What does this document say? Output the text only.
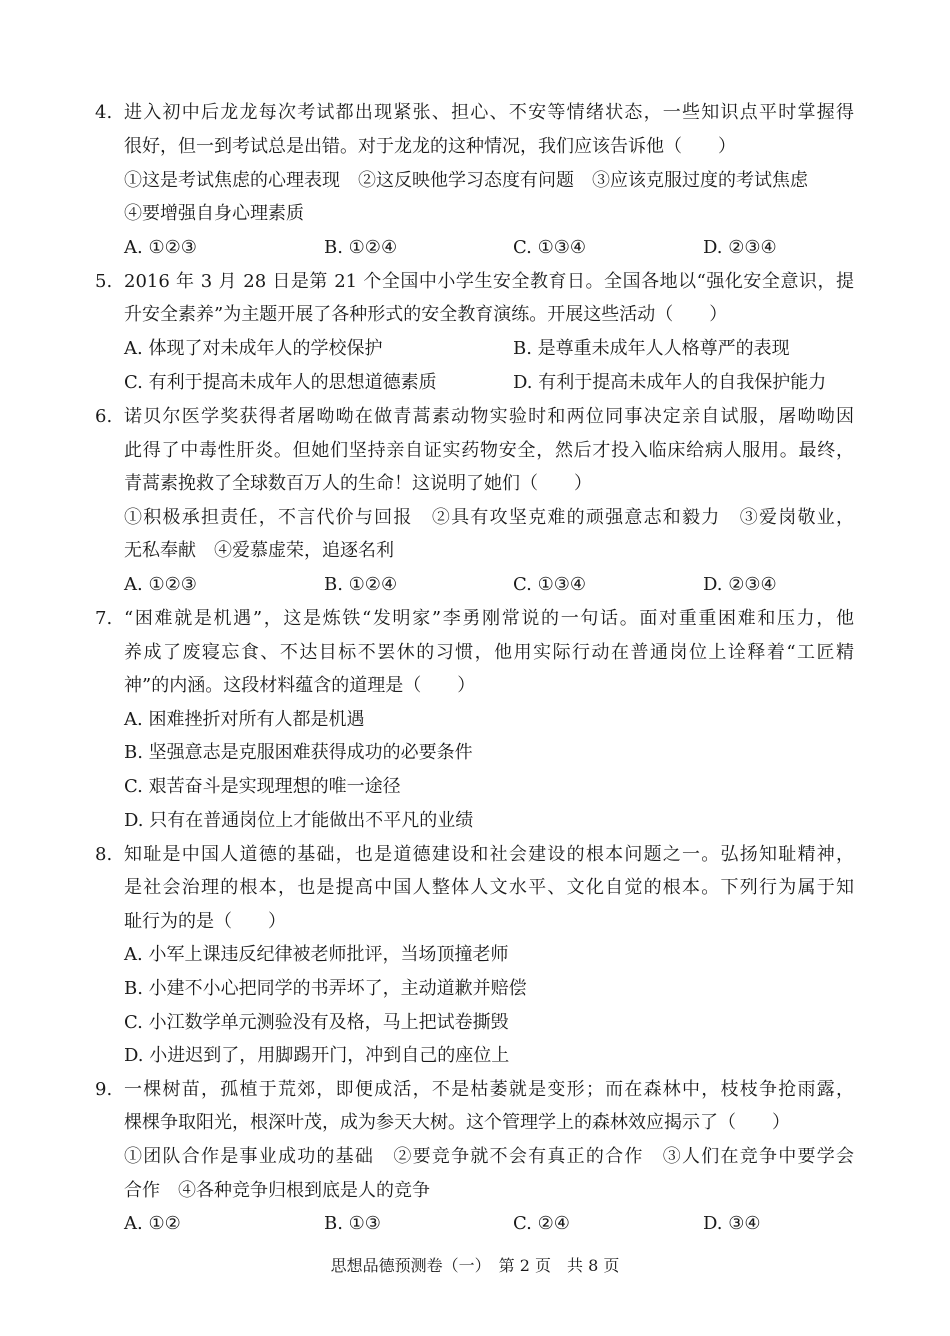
4. 进入初中后龙龙每次考试都出现紧张、担心、不安等情绪状态，一些知识点平时掌握得
很好，但一到考试总是出错。对于龙龙的这种情况，我们应该告诉他（　　）
①这是考试焦虑的心理表现　②这反映他学习态度有问题　③应该克服过度的考试焦虑
④要增强自身心理素质
A. ①②③	B. ①②④	C. ①③④	D. ②③④
5. 2016 年 3 月 28 日是第 21 个全国中小学生安全教育日。全国各地以“强化安全意识，提
升安全素养”为主题开展了各种形式的安全教育演练。开展这些活动（　　）
A. 体现了对未成年人的学校保护	B. 是尊重未成年人人格尊严的表现
C. 有利于提高未成年人的思想道德素质	D. 有利于提高未成年人的自我保护能力
6. 诺贝尔医学奖获得者屠呦呦在做青蒿素动物实验时和两位同事决定亲自试服，屠呦呦因
此得了中毒性肝炎。但她们坚持亲自证实药物安全，然后才投入临床给病人服用。最终，
青蒿素挽救了全球数百万人的生命！这说明了她们（　　）
①积极承担责任，不言代价与回报　②具有攻坚克难的顽强意志和毅力　③爱岗敬业，
无私奉献　④爱慕虚荣，追逐名利
A. ①②③	B. ①②④	C. ①③④	D. ②③④
7. “困难就是机遇”，这是炼铁“发明家”李勇刚常说的一句话。面对重重困难和压力，他
养成了废寝忘食、不达目标不罢休的习惯，他用实际行动在普通岗位上诠释着“工匠精
神”的内涵。这段材料蕴含的道理是（　　）
A. 困难挫折对所有人都是机遇
B. 坚强意志是克服困难获得成功的必要条件
C. 艰苦奋斗是实现理想的唯一途径
D. 只有在普通岗位上才能做出不平凡的业绩
8. 知耻是中国人道德的基础，也是道德建设和社会建设的根本问题之一。弘扬知耻精神，
是社会治理的根本，也是提高中国人整体人文水平、文化自觉的根本。下列行为属于知
耻行为的是（　　）
A. 小军上课违反纪律被老师批评，当场顶撞老师
B. 小建不小心把同学的书弄坏了，主动道歉并赔偿
C. 小江数学单元测验没有及格，马上把试卷撕毁
D. 小进迟到了，用脚踢开门，冲到自己的座位上
9. 一棵树苗，孤植于荒郊，即便成活，不是枯萎就是变形；而在森林中，枝枝争抢雨露，
棵棵争取阳光，根深叶茂，成为参天大树。这个管理学上的森林效应揭示了（　　）
①团队合作是事业成功的基础　②要竞争就不会有真正的合作　③人们在竞争中要学会
合作　④各种竞争归根到底是人的竞争
A. ①②	B. ①③	C. ②④	D. ③④
思想品德预测卷（一）　第 2 页　共 8 页
